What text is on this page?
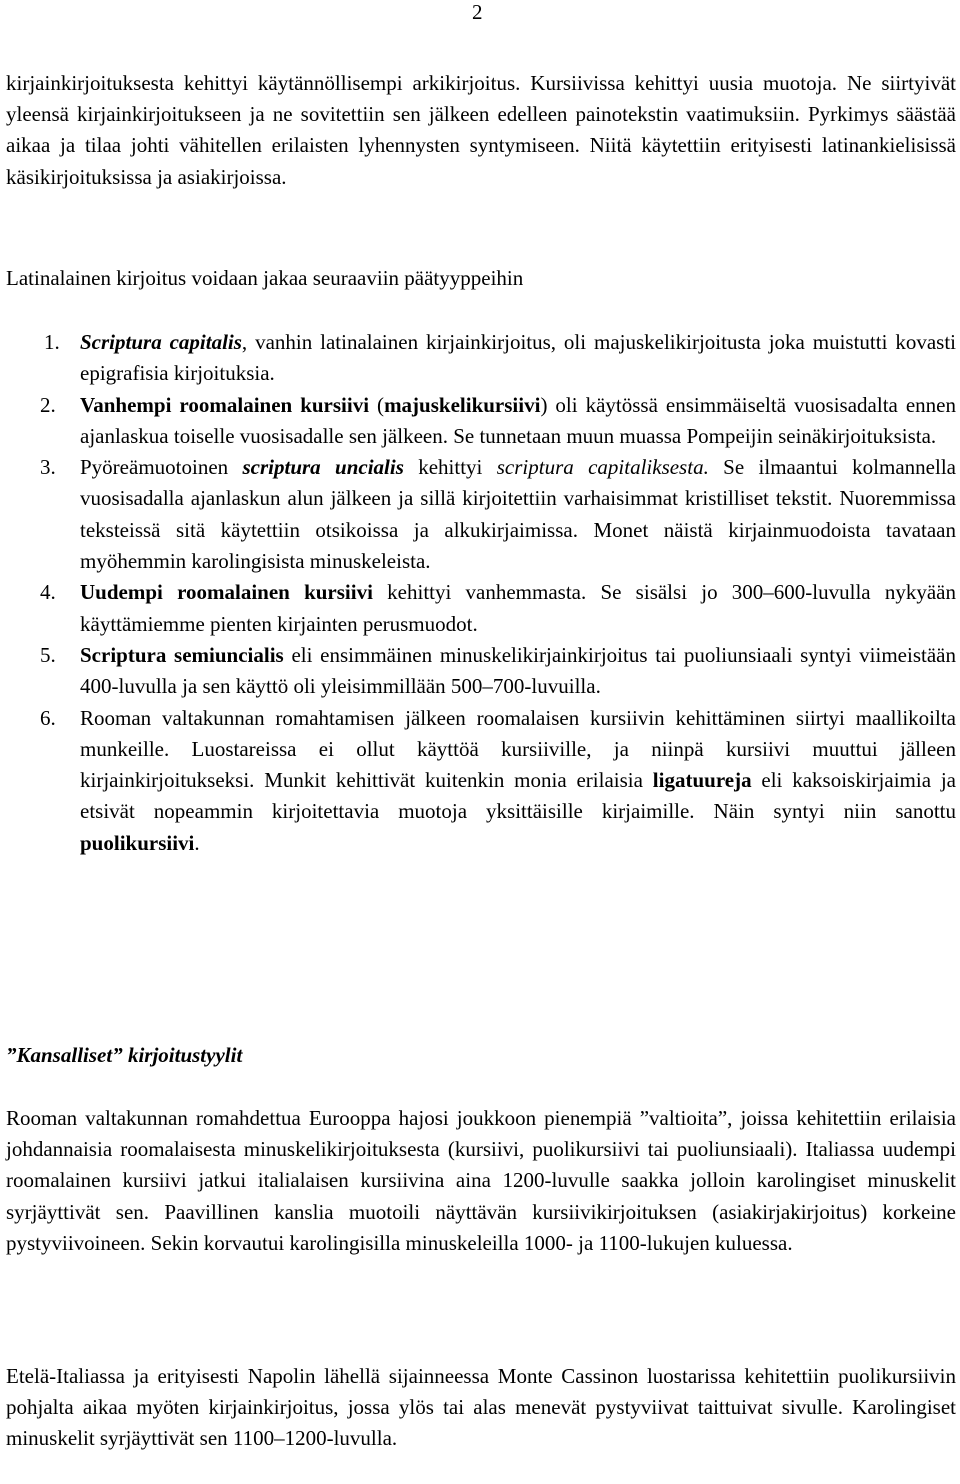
2

kirjainkirjoituksesta kehittyi käytännöllisempi arkikirjoitus. Kursiivissa kehittyi uusia muotoja. Ne siirtyivät yleensä kirjainkirjoitukseen ja ne sovitettiin sen jälkeen edelleen painotekstin vaatimuksiin. Pyrkimys säästää aikaa ja tilaa johti vähitellen erilaisten lyhennysten syntymiseen. Niitä käytettiin erityisesti latinankielisissä käsikirjoituksissa ja asiakirjoissa.

Latinalainen kirjoitus voidaan jakaa seuraaviin päätyyppeihin

1. Scriptura capitalis, vanhin latinalainen kirjainkirjoitus, oli majuskelikirjoitusta joka muistutti kovasti epigrafisia kirjoituksia.
2. Vanhempi roomalainen kursiivi (majuskelikursiivi) oli käytössä ensimmäiseltä vuosisadalta ennen ajanlaskua toiselle vuosisadalle sen jälkeen. Se tunnetaan muun muassa Pompeijin seinäkirjoituksista.
3. Pyöreämuotoinen scriptura uncialis kehittyi scriptura capitaliksesta. Se ilmaantui kolmannella vuosisadalla ajanlaskun alun jälkeen ja sillä kirjoitettiin varhaisimmat kristilliset tekstit. Nuoremmissa teksteissä sitä käytettiin otsikoissa ja alkukirjaimissa. Monet näistä kirjainmuodoista tavataan myöhemmin karolingisista minuskeleista.
4. Uudempi roomalainen kursiivi kehittyi vanhemmasta. Se sisälsi jo 300–600-luvulla nykyään käyttämiemme pienten kirjainten perusmuodot.
5. Scriptura semiuncialis eli ensimmäinen minuskelikirjainkirjoitus tai puoliunsiaali syntyi viimeistään 400-luvulla ja sen käyttö oli yleisimmillään 500–700-luvuilla.
6. Rooman valtakunnan romahtamisen jälkeen roomalaisen kursiivin kehittäminen siirtyi maallikoilta munkeille. Luostareissa ei ollut käyttöä kursiiville, ja niinpä kursiivi muuttui jälleen kirjainkirjoitukseksi. Munkit kehittivät kuitenkin monia erilaisia ligatuureja eli kaksoiskirjaimia ja etsivät nopeammin kirjoitettavia muotoja yksittäisille kirjaimille. Näin syntyi niin sanottu puolikursiivi.
”Kansalliset” kirjoitustyylit

Rooman valtakunnan romahdettua Eurooppa hajosi joukkoon pienempiä ”valtioita”, joissa kehitettiin erilaisia johdannaisia roomalaisesta minuskelikirjoituksesta (kursiivi, puolikursiivi tai puoliunsiaali). Italiassa uudempi roomalainen kursiivi jatkui italialaisen kursiivina aina 1200-luvulle saakka jolloin karolingiset minuskelit syrjäyttivät sen. Paavillinen kanslia muotoili näyttävän kursiivikirjoituksen (asiakirjakirjoitus) korkeine pystyviivoineen. Sekin korvautui karolingisilla minuskeleilla 1000- ja 1100-lukujen kuluessa.

Etelä-Italiassa ja erityisesti Napolin lähellä sijainneessa Monte Cassinon luostarissa kehitettiin puolikursiivin pohjalta aikaa myöten kirjainkirjoitus, jossa ylös tai alas menevät pystyviivat taittuivat sivulle. Karolingiset minuskelit syrjäyttivät sen 1100–1200-luvulla.
